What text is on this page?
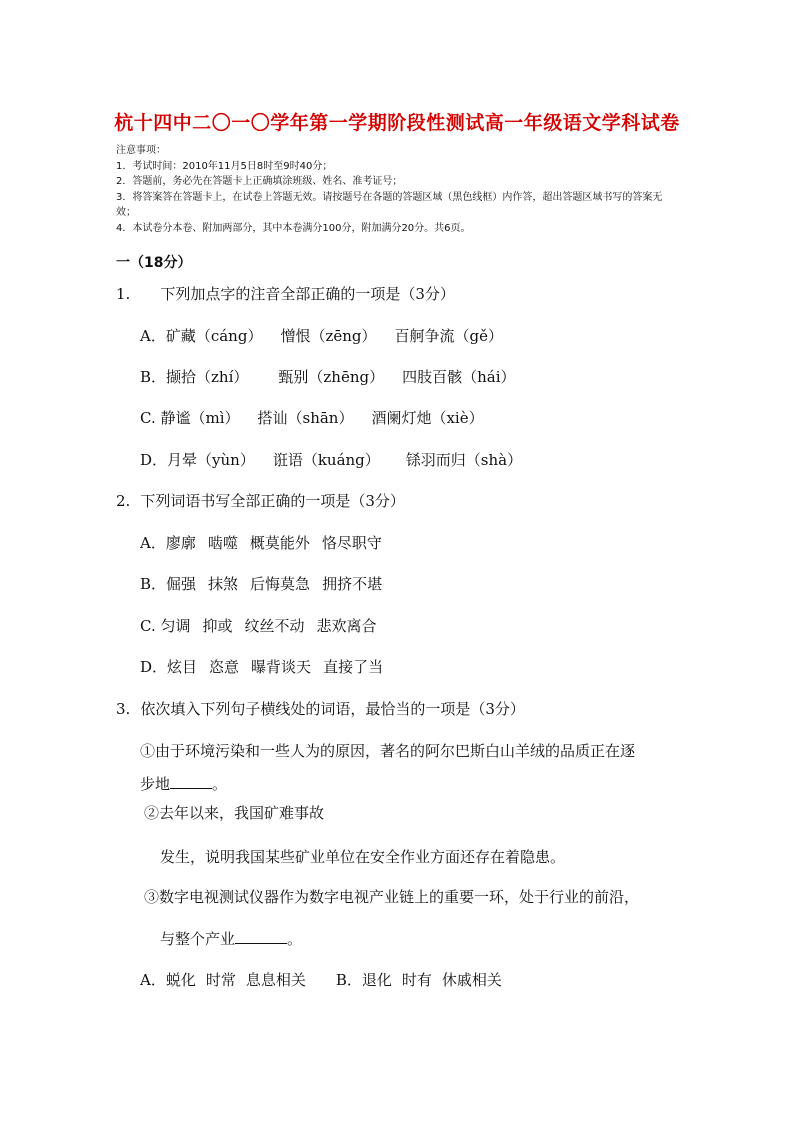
杭十四中二〇一〇学年第一学期阶段性测试高一年级语文学科试卷
注意事项：
1．考试时间：2010年11月5日8时至9时40分；
2．答题前，务必先在答题卡上正确填涂班级、姓名、准考证号；
3．将答案答在答题卡上，在试卷上答题无效。请按题号在各题的答题区域（黑色线框）内作答，超出答题区域书写的答案无效；
4．本试卷分本卷、附加两部分，其中本卷满分100分，附加满分20分。共6页。
一（18分）
1. 下列加点字的注音全部正确的一项是（3分）
A．矿藏（cáng） 憎恨（zēng） 百舸争流（gě）
B．撷拾（zhí） 甄别（zhēng） 四肢百骸（hái）
C. 静谧（mì） 搭讪（shān） 酒阑灯灺（xiè）
D．月晕（yùn） 诳语（kuáng） 铩羽而归（shà）
2. 下列词语书写全部正确的一项是（3分）
A．廖廓 啮噬 概莫能外 恪尽职守
B．倔强 抹煞 后悔莫急 拥挤不堪
C. 匀调 抑或 纹丝不动 悲欢离合
D．炫目 恣意 曝背谈天 直接了当
3. 依次填入下列句子横线处的词语，最恰当的一项是（3分）
①由于环境污染和一些人为的原因，著名的阿尔巴斯白山羊绒的品质正在逐
步地	。
②去年以来，我国矿难事故
发生，说明我国某些矿业单位在安全作业方面还存在着隐患。
③数字电视测试仪器作为数字电视产业链上的重要一环，处于行业的前沿，
与整个产业	。
A．蜕化 时常 息息相关 B．退化 时有 休戚相关
